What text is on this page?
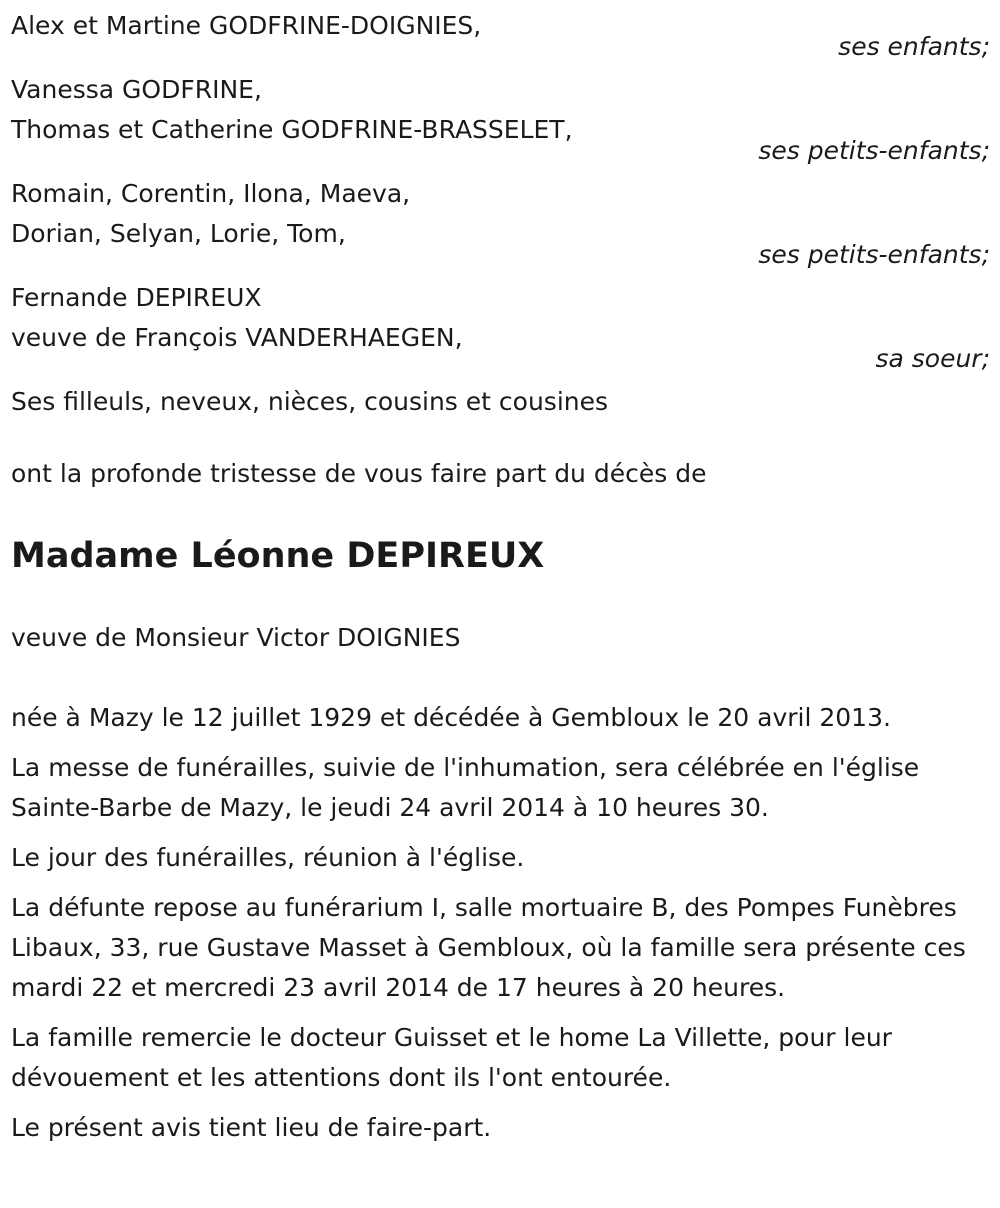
Alex et Martine GODFRINE-DOIGNIES,
ses enfants;
Vanessa GODFRINE,
Thomas et Catherine GODFRINE-BRASSELET,
ses petits-enfants;
Romain, Corentin, Ilona, Maeva,
Dorian, Selyan, Lorie, Tom,
ses petits-enfants;
Fernande DEPIREUX
veuve de François VANDERHAEGEN,
sa soeur;
Ses filleuls, neveux, nièces, cousins et cousines
ont la profonde tristesse de vous faire part du décès de
Madame Léonne DEPIREUX
veuve de Monsieur Victor DOIGNIES
née à Mazy le 12 juillet 1929 et décédée à Gembloux le 20 avril 2013.
La messe de funérailles, suivie de l'inhumation, sera célébrée en l'église Sainte-Barbe de Mazy, le jeudi 24 avril 2014 à 10 heures 30.
Le jour des funérailles, réunion à l'église.
La défunte repose au funérarium I, salle mortuaire B, des Pompes Funèbres Libaux, 33, rue Gustave Masset à Gembloux, où la famille sera présente ces mardi 22 et mercredi 23 avril 2014 de 17 heures à 20 heures.
La famille remercie le docteur Guisset et le home La Villette, pour leur dévouement et les attentions dont ils l'ont entourée.
Le présent avis tient lieu de faire-part.
